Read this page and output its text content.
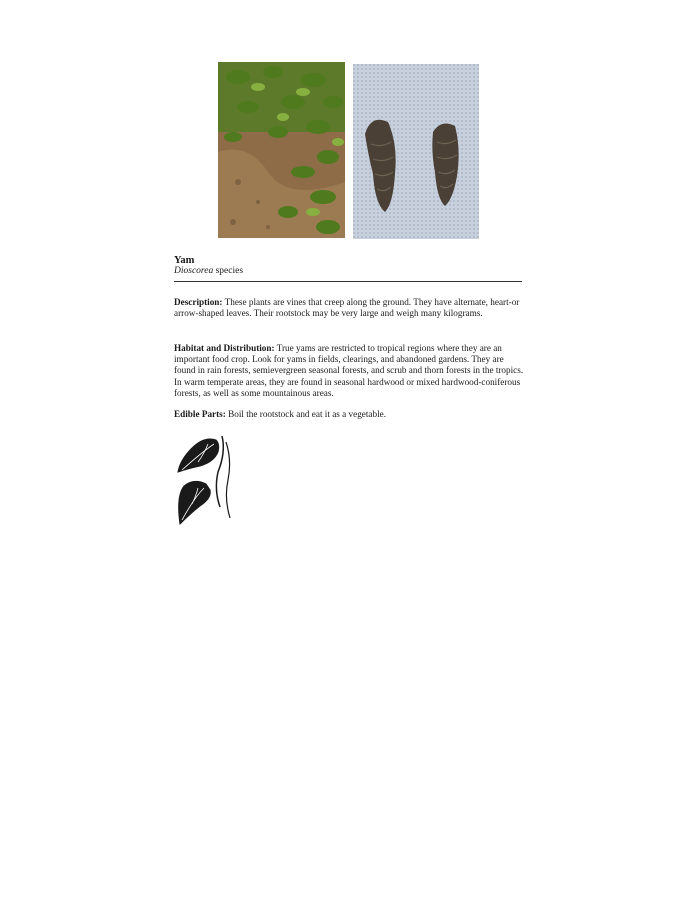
Yam
Dioscorea species
Description: These plants are vines that creep along the ground. They have alternate, heart-or arrow-shaped leaves. Their rootstock may be very large and weigh many kilograms.
Habitat and Distribution: True yams are restricted to tropical regions where they are an important food crop. Look for yams in fields, clearings, and abandoned gardens. They are found in rain forests, semievergreen seasonal forests, and scrub and thorn forests in the tropics. In warm temperate areas, they are found in seasonal hardwood or mixed hardwood-coniferous forests, as well as some mountainous areas.
Edible Parts: Boil the rootstock and eat it as a vegetable.
